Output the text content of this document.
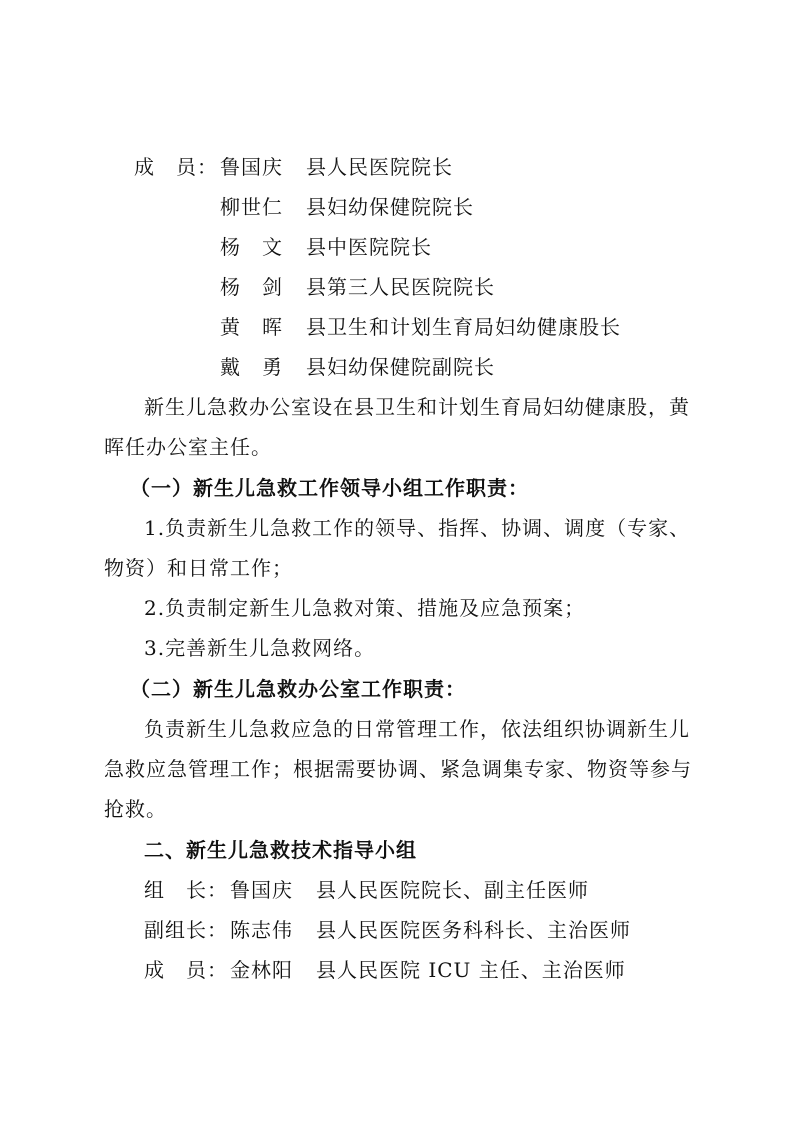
成　员： 鲁国庆 县人民医院院长
柳世仁 县妇幼保健院院长
杨　文 县中医院院长
杨　剑 县第三人民医院院长
黄　晖 县卫生和计划生育局妇幼健康股长
戴　勇 县妇幼保健院副院长
新生儿急救办公室设在县卫生和计划生育局妇幼健康股，黄
晖任办公室主任。
（一）新生儿急救工作领导小组工作职责：
1.负责新生儿急救工作的领导、指挥、协调、调度（专家、
物资）和日常工作；
2.负责制定新生儿急救对策、措施及应急预案；
3.完善新生儿急救网络。
（二）新生儿急救办公室工作职责：
负责新生儿急救应急的日常管理工作，依法组织协调新生儿
急救应急管理工作；根据需要协调、紧急调集专家、物资等参与
抢救。
二、新生儿急救技术指导小组
组　长： 鲁国庆 县人民医院院长、副主任医师
副组长： 陈志伟 县人民医院医务科科长、主治医师
成　员： 金林阳 县人民医院 ICU 主任、主治医师
